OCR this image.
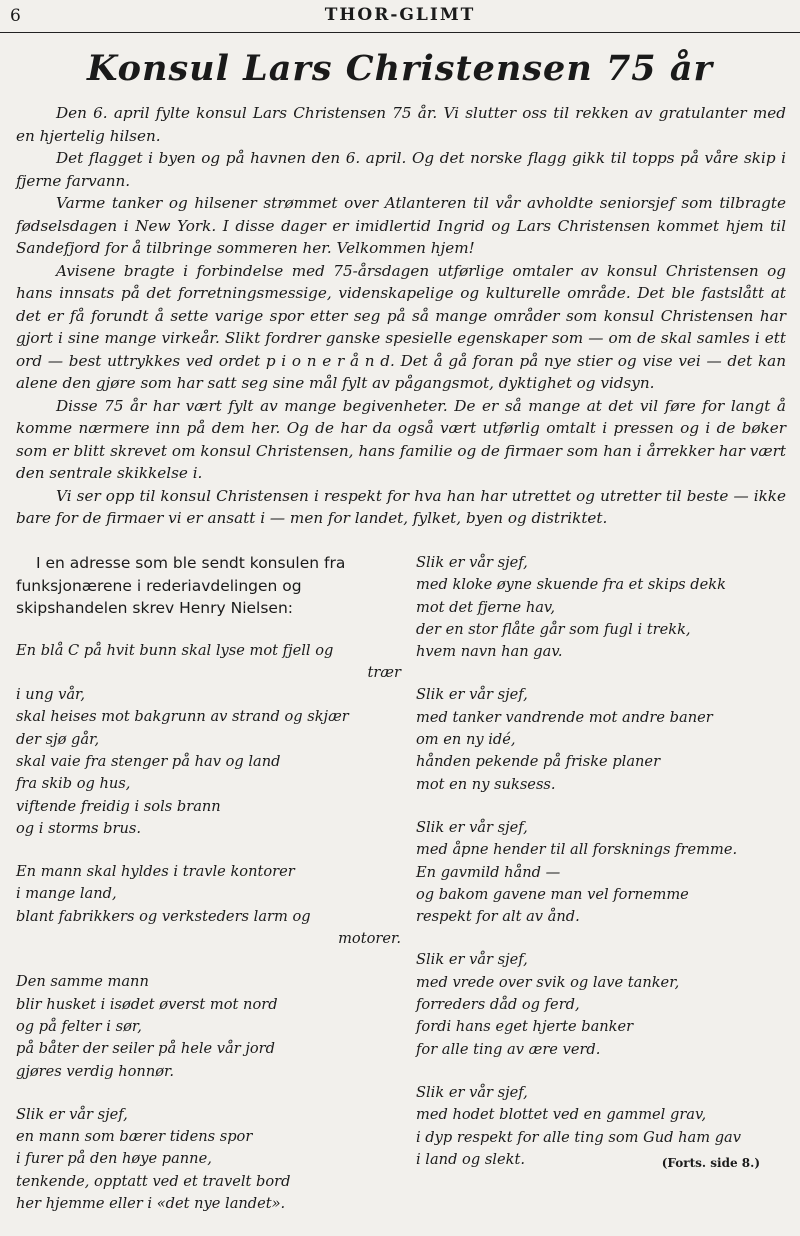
6	THOR-GLIMT
Konsul Lars Christensen 75 år

Den 6. april fylte konsul Lars Christensen 75 år. Vi slutter oss til rekken av gratulanter med en hjertelig hilsen.

Det flagget i byen og på havnen den 6. april. Og det norske flagg gikk til topps på våre skip i fjerne farvann.

Varme tanker og hilsener strømmet over Atlanteren til vår avholdte seniorsjef som tilbragte fødselsdagen i New York. I disse dager er imidlertid Ingrid og Lars Christensen kommet hjem til Sandefjord for å tilbringe sommeren her. Velkommen hjem!

Avisene bragte i forbindelse med 75-årsdagen utførlige omtaler av konsul Christensen og hans innsats på det forretningsmessige, videnskapelige og kulturelle område. Det ble fastslått at det er få forundt å sette varige spor etter seg på så mange områder som konsul Christensen har gjort i sine mange virkeår. Slikt fordrer ganske spesielle egenskaper som — om de skal samles i ett ord — best uttrykkes ved ordet p i o n e r å n d. Det å gå foran på nye stier og vise vei — det kan alene den gjøre som har satt seg sine mål fylt av pågangsmot, dyktighet og vidsyn.

Disse 75 år har vært fylt av mange begivenheter. De er så mange at det vil føre for langt å komme nærmere inn på dem her. Og de har da også vært utførlig omtalt i pressen og i de bøker som er blitt skrevet om konsul Christensen, hans familie og de firmaer som han i årrekker har vært den sentrale skikkelse i.

Vi ser opp til konsul Christensen i respekt for hva han har utrettet og utretter til beste — ikke bare for de firmaer vi er ansatt i — men for landet, fylket, byen og distriktet.

I en adresse som ble sendt konsulen fra funksjonærene i rederiavdelingen og skipshandelen skrev Henry Nielsen:

En blå C på hvit bunn skal lyse mot fjell og
trær
i ung vår,
skal heises mot bakgrunn av strand og skjær
der sjø går,
skal vaie fra stenger på hav og land
fra skib og hus,
viftende freidig i sols brann
og i storms brus.
En mann skal hyldes i travle kontorer
i mange land,
blant fabrikkers og verksteders larm og
motorer.
Den samme mann
blir husket i isødet øverst mot nord
og på felter i sør,
på båter der seiler på hele vår jord
gjøres verdig honnør.
Slik er vår sjef,
en mann som bærer tidens spor
i furer på den høye panne,
tenkende, opptatt ved et travelt bord
her hjemme eller i «det nye landet».
Slik er vår sjef,
med kloke øyne skuende fra et skips dekk
mot det fjerne hav,
der en stor flåte går som fugl i trekk,
hvem navn han gav.
Slik er vår sjef,
med tanker vandrende mot andre baner
om en ny idé,
hånden pekende på friske planer
mot en ny suksess.
Slik er vår sjef,
med åpne hender til all forsknings fremme.
En gavmild hånd —
og bakom gavene man vel fornemme
respekt for alt av ånd.
Slik er vår sjef,
med vrede over svik og lave tanker,
forreders dåd og ferd,
fordi hans eget hjerte banker
for alle ting av ære verd.
Slik er vår sjef,
med hodet blottet ved en gammel grav,
i dyp respekt for alle ting som Gud ham gav
i land og slekt.	(Forts. side 8.)
